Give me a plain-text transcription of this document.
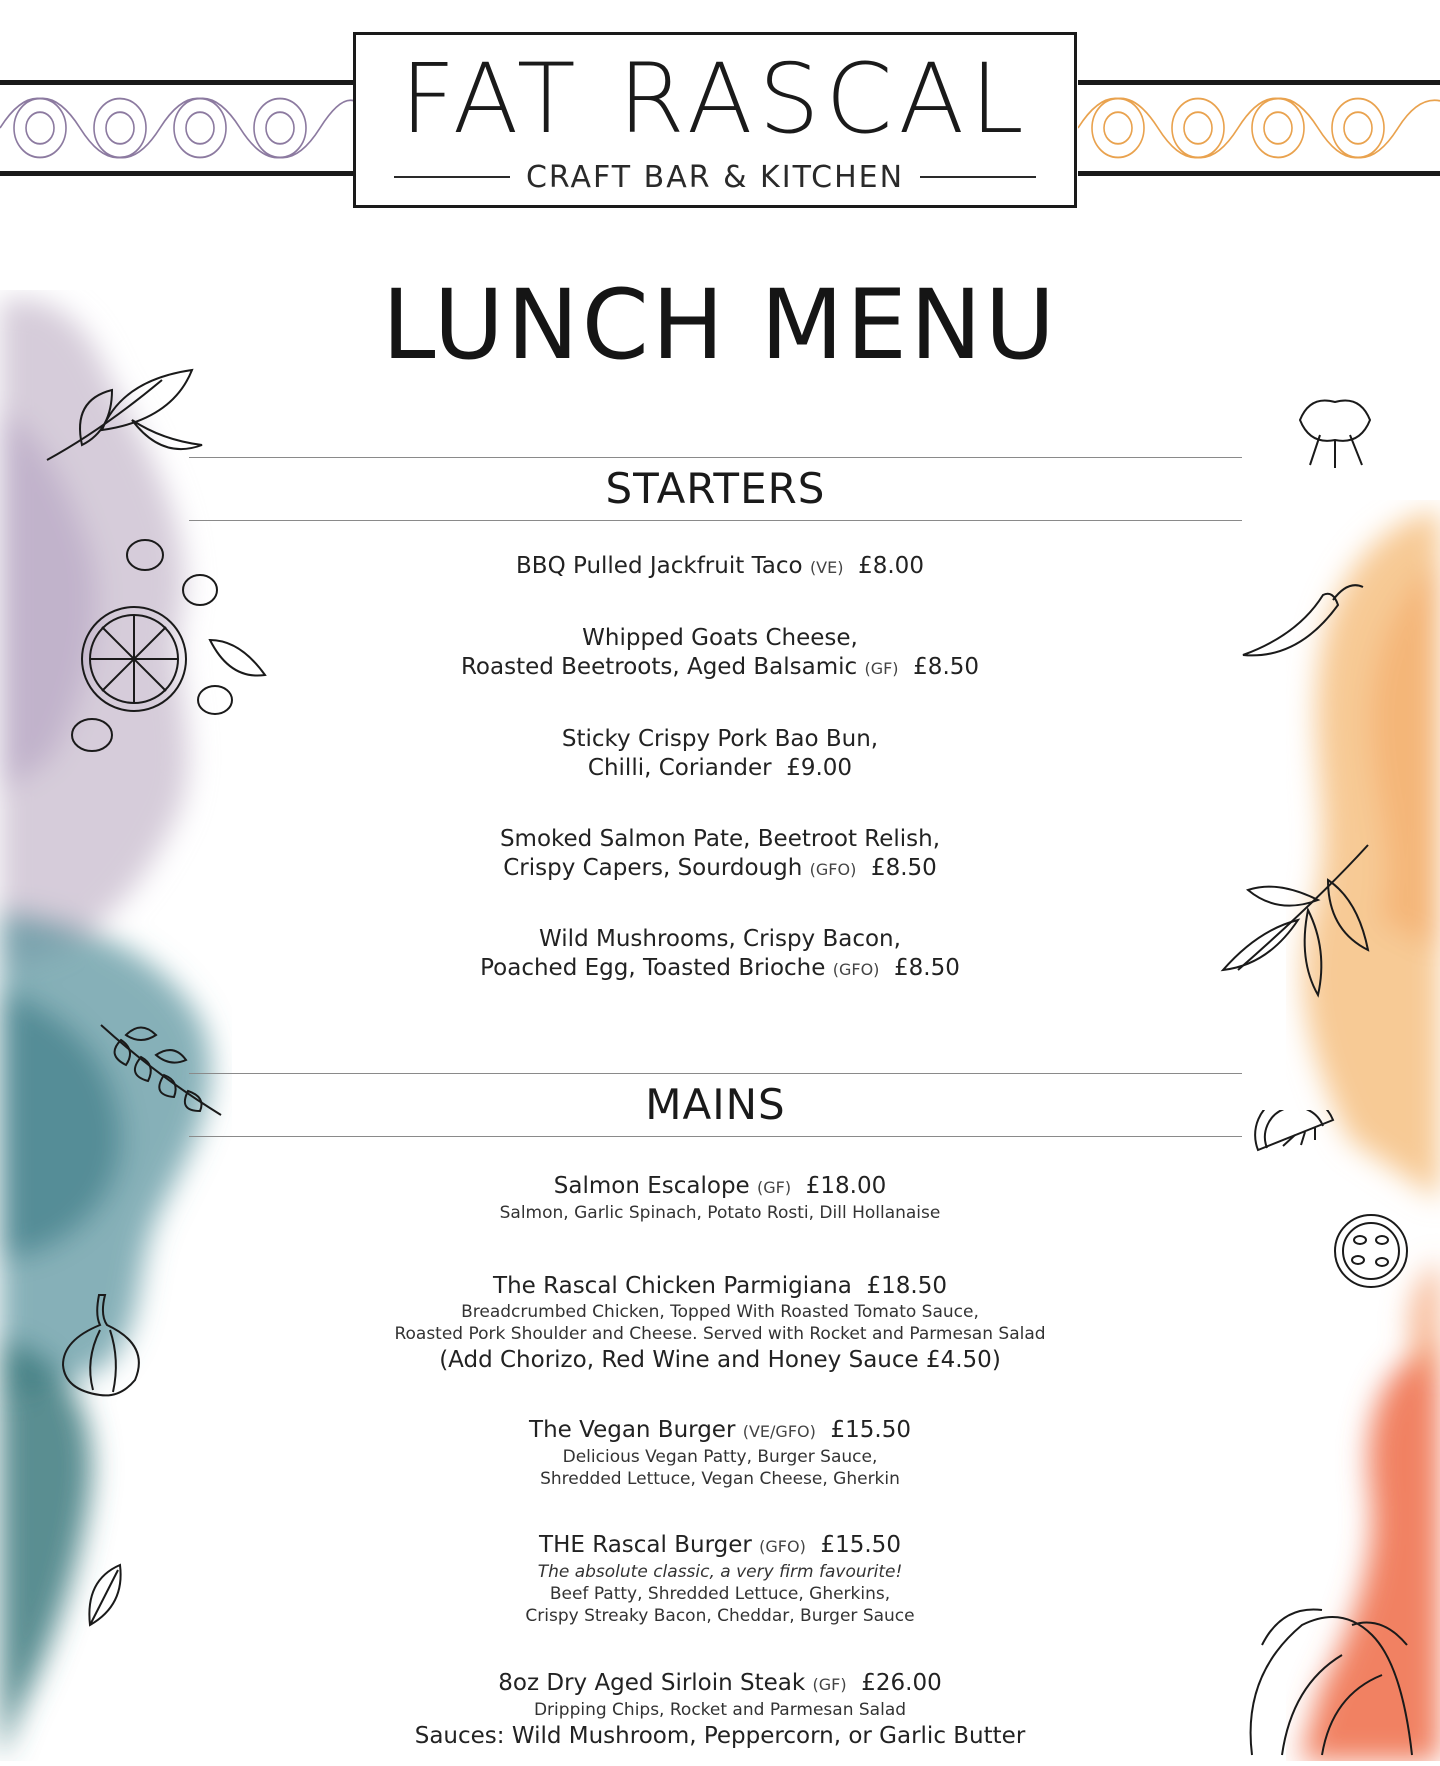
FAT RASCAL
CRAFT BAR & KITCHEN
LUNCH MENU
STARTERS
BBQ Pulled Jackfruit Taco (VE) £8.00
Whipped Goats Cheese,
Roasted Beetroots, Aged Balsamic (GF) £8.50
Sticky Crispy Pork Bao Bun,
Chilli, Coriander £9.00
Smoked Salmon Pate, Beetroot Relish,
Crispy Capers, Sourdough (GFO) £8.50
Wild Mushrooms, Crispy Bacon,
Poached Egg, Toasted Brioche (GFO) £8.50
MAINS
Salmon Escalope (GF) £18.00
Salmon, Garlic Spinach, Potato Rosti, Dill Hollanaise
The Rascal Chicken Parmigiana £18.50
Breadcrumbed Chicken, Topped With Roasted Tomato Sauce,
Roasted Pork Shoulder and Cheese. Served with Rocket and Parmesan Salad
(Add Chorizo, Red Wine and Honey Sauce £4.50)
The Vegan Burger (VE/GFO) £15.50
Delicious Vegan Patty, Burger Sauce,
Shredded Lettuce, Vegan Cheese, Gherkin
THE Rascal Burger (GFO) £15.50
The absolute classic, a very firm favourite!
Beef Patty, Shredded Lettuce, Gherkins,
Crispy Streaky Bacon, Cheddar, Burger Sauce
8oz Dry Aged Sirloin Steak (GF) £26.00
Dripping Chips, Rocket and Parmesan Salad
Sauces: Wild Mushroom, Peppercorn, or Garlic Butter
